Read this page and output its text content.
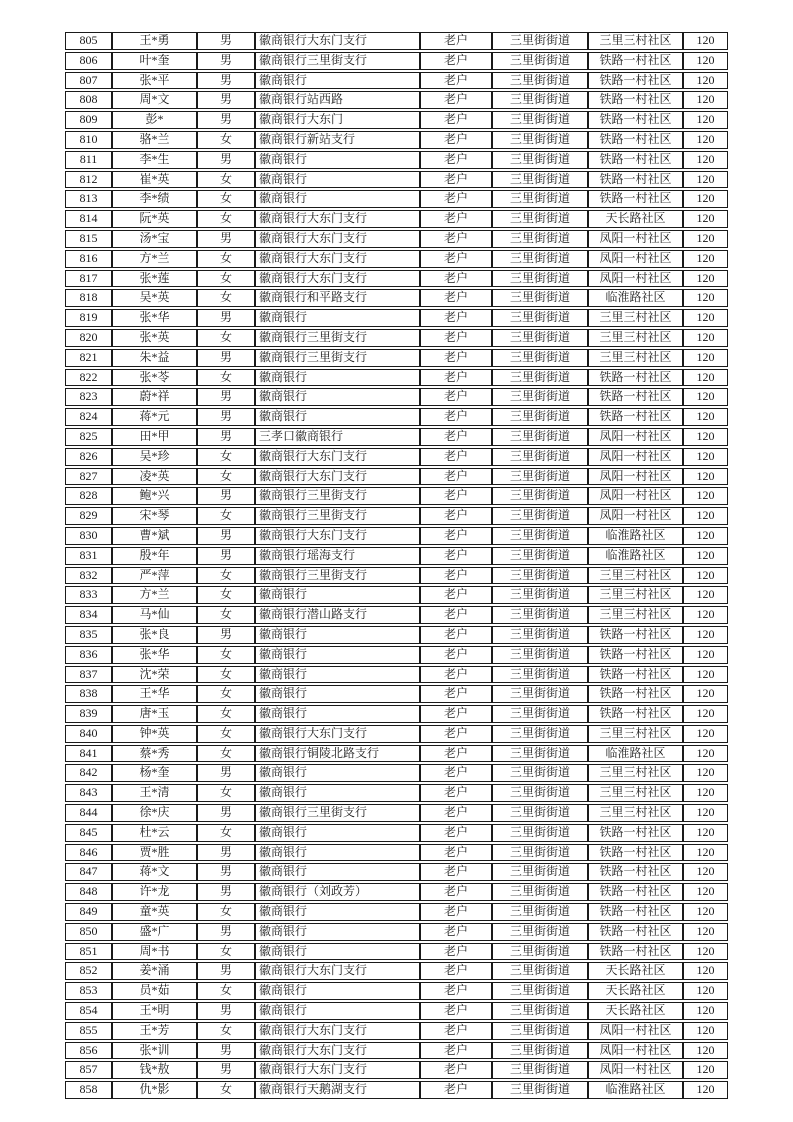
805	王*勇	男	徽商银行大东门支行	老户	三里街街道	三里三村社区	120
806	叶*奎	男	徽商银行三里街支行	老户	三里街街道	铁路一村社区	120
807	张*平	男	徽商银行	老户	三里街街道	铁路一村社区	120
808	周*文	男	徽商银行站西路	老户	三里街街道	铁路一村社区	120
809	彭*	男	徽商银行大东门	老户	三里街街道	铁路一村社区	120
810	骆*兰	女	徽商银行新站支行	老户	三里街街道	铁路一村社区	120
811	李*生	男	徽商银行	老户	三里街街道	铁路一村社区	120
812	崔*英	女	徽商银行	老户	三里街街道	铁路一村社区	120
813	李*绩	女	徽商银行	老户	三里街街道	铁路一村社区	120
814	阮*英	女	徽商银行大东门支行	老户	三里街街道	天长路社区	120
815	汤*宝	男	徽商银行大东门支行	老户	三里街街道	凤阳一村社区	120
816	方*兰	女	徽商银行大东门支行	老户	三里街街道	凤阳一村社区	120
817	张*莲	女	徽商银行大东门支行	老户	三里街街道	凤阳一村社区	120
818	吴*英	女	徽商银行和平路支行	老户	三里街街道	临淮路社区	120
819	张*华	男	徽商银行	老户	三里街街道	三里三村社区	120
820	张*英	女	徽商银行三里街支行	老户	三里街街道	三里三村社区	120
821	朱*益	男	徽商银行三里街支行	老户	三里街街道	三里三村社区	120
822	张*苓	女	徽商银行	老户	三里街街道	铁路一村社区	120
823	蔚*祥	男	徽商银行	老户	三里街街道	铁路一村社区	120
824	蒋*元	男	徽商银行	老户	三里街街道	铁路一村社区	120
825	田*甲	男	三孝口徽商银行	老户	三里街街道	凤阳一村社区	120
826	吴*珍	女	徽商银行大东门支行	老户	三里街街道	凤阳一村社区	120
827	凌*英	女	徽商银行大东门支行	老户	三里街街道	凤阳一村社区	120
828	鲍*兴	男	徽商银行三里街支行	老户	三里街街道	凤阳一村社区	120
829	宋*琴	女	徽商银行三里街支行	老户	三里街街道	凤阳一村社区	120
830	曹*斌	男	徽商银行大东门支行	老户	三里街街道	临淮路社区	120
831	殷*年	男	徽商银行瑶海支行	老户	三里街街道	临淮路社区	120
832	严*萍	女	徽商银行三里街支行	老户	三里街街道	三里三村社区	120
833	方*兰	女	徽商银行	老户	三里街街道	三里三村社区	120
834	马*仙	女	徽商银行潜山路支行	老户	三里街街道	三里三村社区	120
835	张*良	男	徽商银行	老户	三里街街道	铁路一村社区	120
836	张*华	女	徽商银行	老户	三里街街道	铁路一村社区	120
837	沈*荣	女	徽商银行	老户	三里街街道	铁路一村社区	120
838	王*华	女	徽商银行	老户	三里街街道	铁路一村社区	120
839	唐*玉	女	徽商银行	老户	三里街街道	铁路一村社区	120
840	钟*英	女	徽商银行大东门支行	老户	三里街街道	三里三村社区	120
841	蔡*秀	女	徽商银行铜陵北路支行	老户	三里街街道	临淮路社区	120
842	杨*奎	男	徽商银行	老户	三里街街道	三里三村社区	120
843	王*清	女	徽商银行	老户	三里街街道	三里三村社区	120
844	徐*庆	男	徽商银行三里街支行	老户	三里街街道	三里三村社区	120
845	杜*云	女	徽商银行	老户	三里街街道	铁路一村社区	120
846	贾*胜	男	徽商银行	老户	三里街街道	铁路一村社区	120
847	蒋*文	男	徽商银行	老户	三里街街道	铁路一村社区	120
848	许*龙	男	徽商银行（刘政芳）	老户	三里街街道	铁路一村社区	120
849	童*英	女	徽商银行	老户	三里街街道	铁路一村社区	120
850	盛*广	男	徽商银行	老户	三里街街道	铁路一村社区	120
851	周*书	女	徽商银行	老户	三里街街道	铁路一村社区	120
852	姜*涌	男	徽商银行大东门支行	老户	三里街街道	天长路社区	120
853	员*茹	女	徽商银行	老户	三里街街道	天长路社区	120
854	王*明	男	徽商银行	老户	三里街街道	天长路社区	120
855	王*芳	女	徽商银行大东门支行	老户	三里街街道	凤阳一村社区	120
856	张*训	男	徽商银行大东门支行	老户	三里街街道	凤阳一村社区	120
857	钱*敖	男	徽商银行大东门支行	老户	三里街街道	凤阳一村社区	120
858	仇*影	女	徽商银行天鹅湖支行	老户	三里街街道	临淮路社区	120
